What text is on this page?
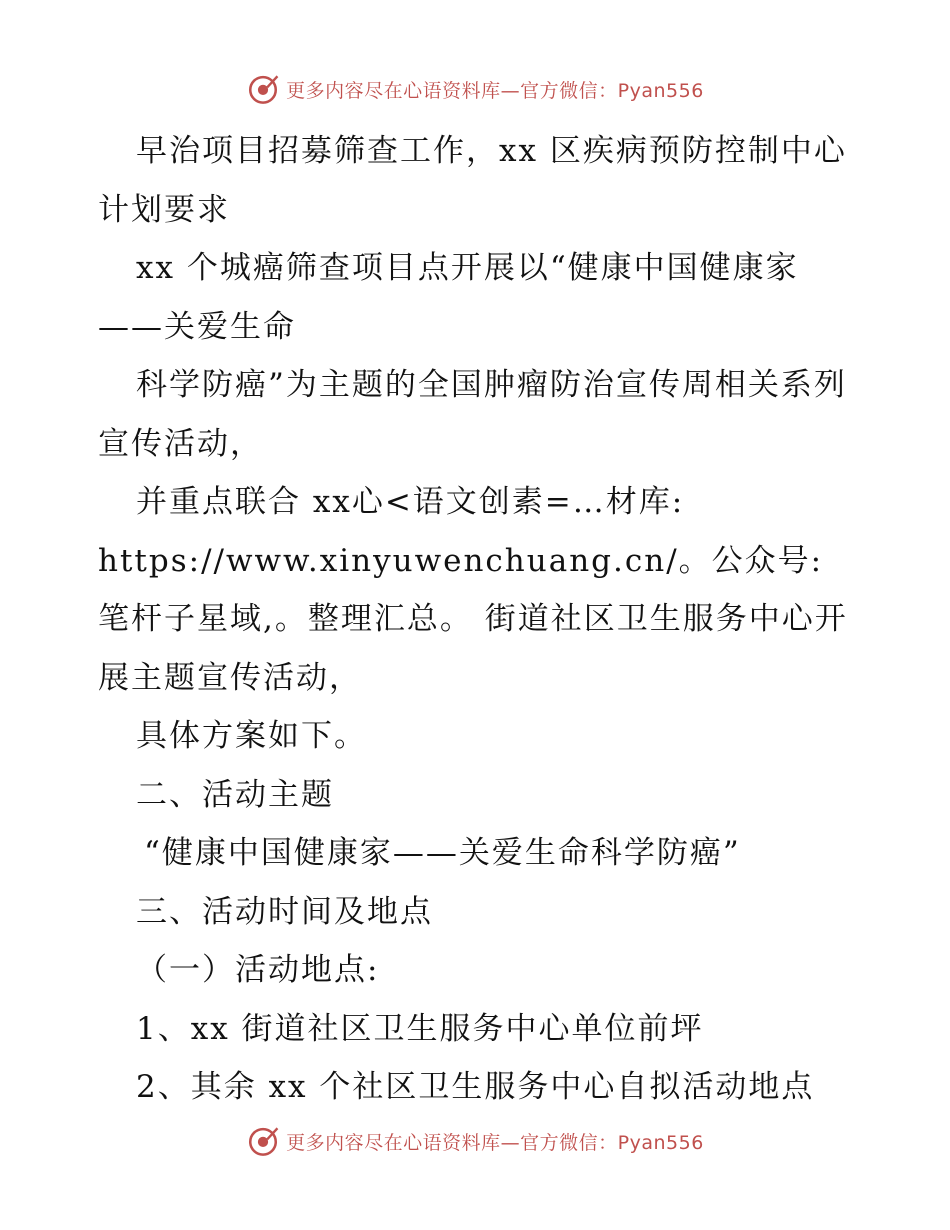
更多内容尽在心语资料库—官方微信：Pyan556

早治项目招募筛查工作，xx 区疾病预防控制中心计划要求

xx 个城癌筛查项目点开展以“健康中国健康家——关爱生命

科学防癌”为主题的全国肿瘤防治宣传周相关系列宣传活动，

并重点联合 xx心<语文创素=…材库: https://www.xinyuwenchuang.cn/。公众号: 笔杆子星域,。整理汇总。 街道社区卫生服务中心开展主题宣传活动，

具体方案如下。

二、活动主题

“健康中国健康家——关爱生命科学防癌”

三、活动时间及地点

（一）活动地点:

1、xx 街道社区卫生服务中心单位前坪

2、其余 xx 个社区卫生服务中心自拟活动地点

更多内容尽在心语资料库—官方微信：Pyan556
